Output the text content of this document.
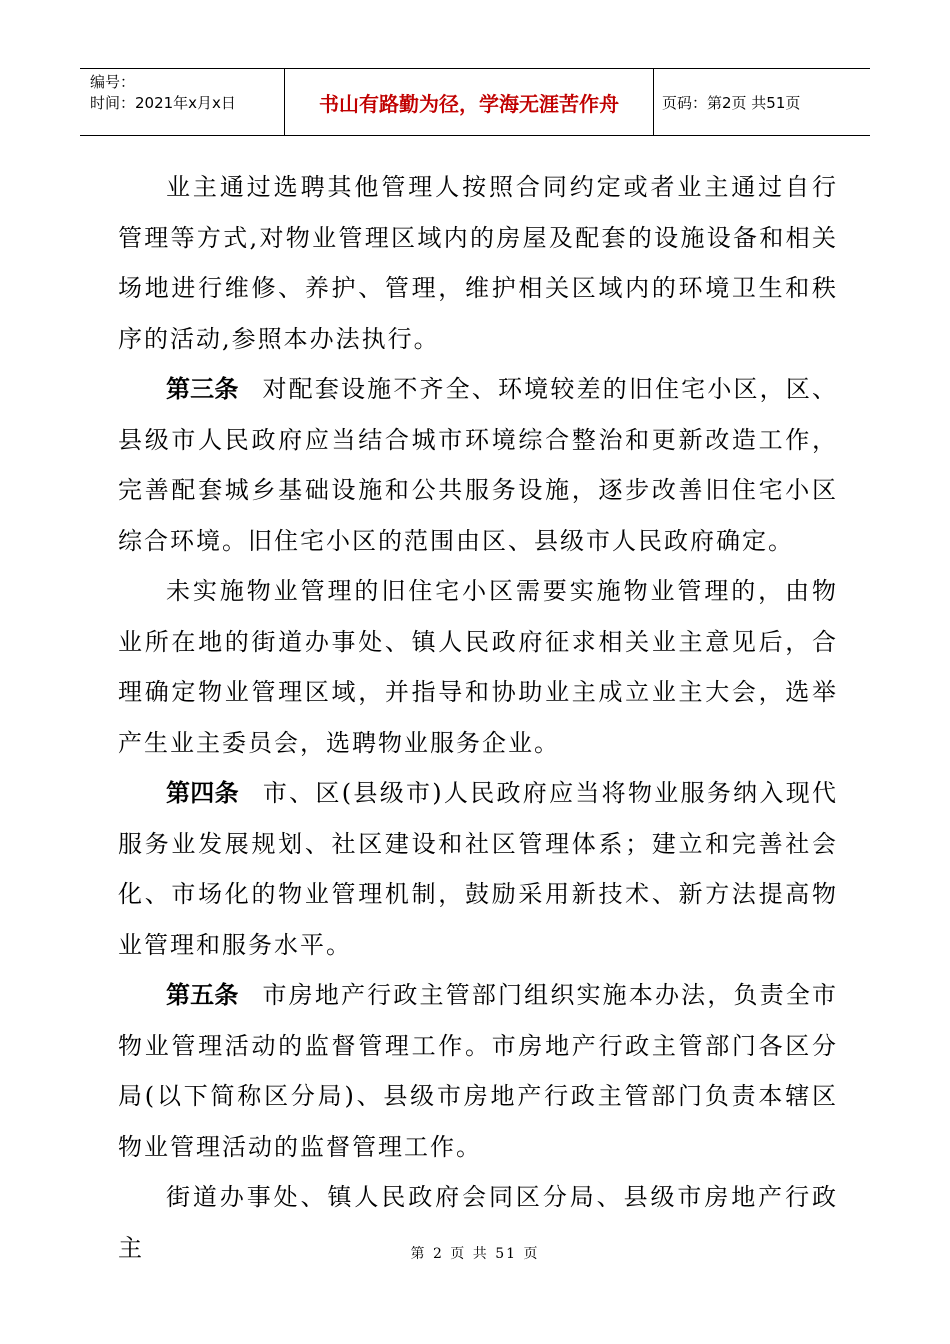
编号：
时间：2021年x月x日	书山有路勤为径，学海无涯苦作舟	页码：第2页 共51页

业主通过选聘其他管理人按照合同约定或者业主通过自行管理等方式,对物业管理区域内的房屋及配套的设施设备和相关场地进行维修、养护、管理，维护相关区域内的环境卫生和秩序的活动,参照本办法执行。

第三条 对配套设施不齐全、环境较差的旧住宅小区，区、县级市人民政府应当结合城市环境综合整治和更新改造工作，完善配套城乡基础设施和公共服务设施，逐步改善旧住宅小区综合环境。旧住宅小区的范围由区、县级市人民政府确定。

未实施物业管理的旧住宅小区需要实施物业管理的，由物业所在地的街道办事处、镇人民政府征求相关业主意见后，合理确定物业管理区域，并指导和协助业主成立业主大会，选举产生业主委员会，选聘物业服务企业。

第四条 市、区(县级市)人民政府应当将物业服务纳入现代服务业发展规划、社区建设和社区管理体系；建立和完善社会化、市场化的物业管理机制，鼓励采用新技术、新方法提高物业管理和服务水平。

第五条 市房地产行政主管部门组织实施本办法，负责全市物业管理活动的监督管理工作。市房地产行政主管部门各区分局(以下简称区分局)、县级市房地产行政主管部门负责本辖区物业管理活动的监督管理工作。

街道办事处、镇人民政府会同区分局、县级市房地产行政主	第 2 页 共 51 页
